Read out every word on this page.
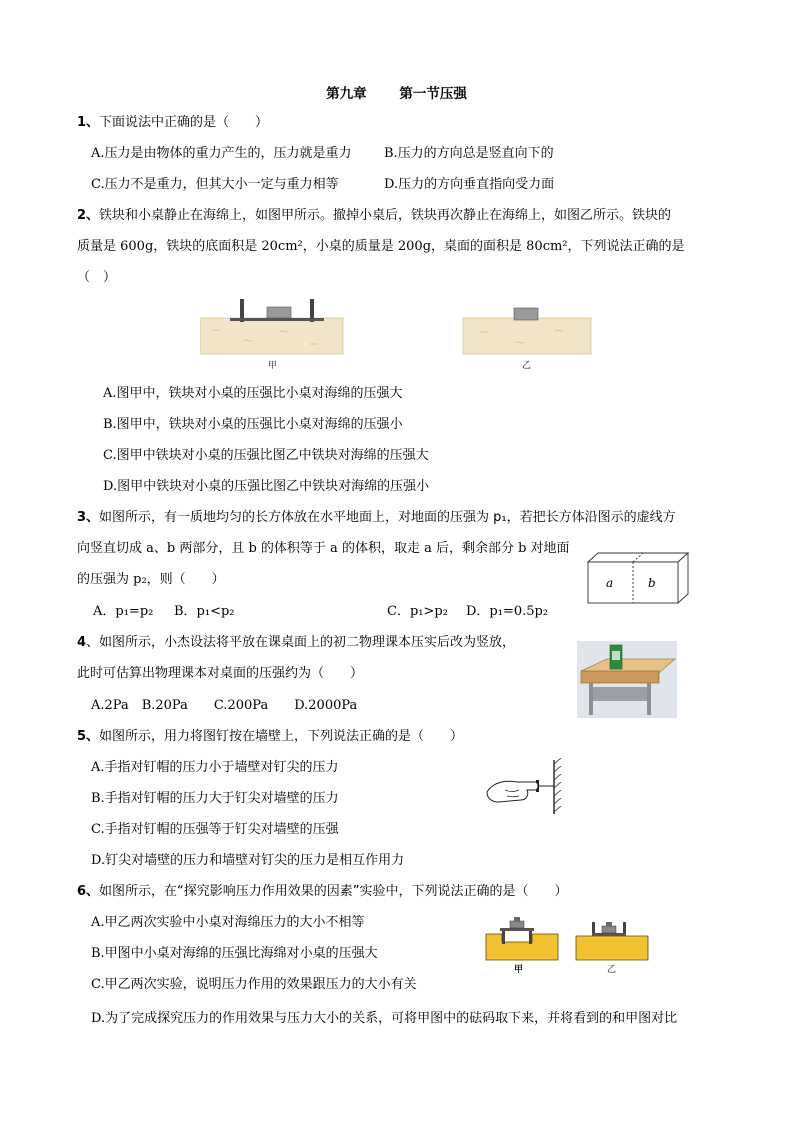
第九章 第一节压强
1、下面说法中正确的是（　　）
A.压力是由物体的重力产生的，压力就是重力 B.压力的方向总是竖直向下的
C.压力不是重力，但其大小一定与重力相等	D.压力的方向垂直指向受力面
2、铁块和小桌静止在海绵上，如图甲所示。撤掉小桌后，铁块再次静止在海绵上，如图乙所示。铁块的
质量是 600g，铁块的底面积是 20cm²，小桌的质量是 200g，桌面的面积是 80cm²，下列说法正确的是
（　）
甲	乙
A.图甲中，铁块对小桌的压强比小桌对海绵的压强大
B.图甲中，铁块对小桌的压强比小桌对海绵的压强小
C.图甲中铁块对小桌的压强比图乙中铁块对海绵的压强大
D.图甲中铁块对小桌的压强比图乙中铁块对海绵的压强小
3、如图所示，有一质地均匀的长方体放在水平地面上，对地面的压强为 p₁，若把长方体沿图示的虚线方
向竖直切成 a、b 两部分，且 b 的体积等于 a 的体积，取走 a 后，剩余部分 b 对地面
的压强为 p₂，则（　　）	a	b
A．p₁=p₂ B．p₁<p₂	C．p₁>p₂ D．p₁=0.5p₂
4、如图所示，小杰设法将平放在课桌面上的初二物理课本压实后改为竖放，
此时可估算出物理课本对桌面的压强约为（　　）
A.2Pa　B.20Pa　　C.200Pa　　D.2000Pa
5、如图所示，用力将图钉按在墙壁上，下列说法正确的是（　　）
A.手指对钉帽的压力小于墙壁对钉尖的压力
B.手指对钉帽的压力大于钉尖对墙壁的压力
C.手指对钉帽的压强等于钉尖对墙壁的压强
D.钉尖对墙壁的压力和墙壁对钉尖的压力是相互作用力
6、如图所示，在“探究影响压力作用效果的因素”实验中，下列说法正确的是（　　）
A.甲乙两次实验中小桌对海绵压力的大小不相等
B.甲图中小桌对海绵的压强比海绵对小桌的压强大
C.甲乙两次实验，说明压力作用的效果跟压力的大小有关
D.为了完成探究压力的作用效果与压力大小的关系，可将甲图中的砝码取下来，并将看到的和甲图对比
甲	乙
